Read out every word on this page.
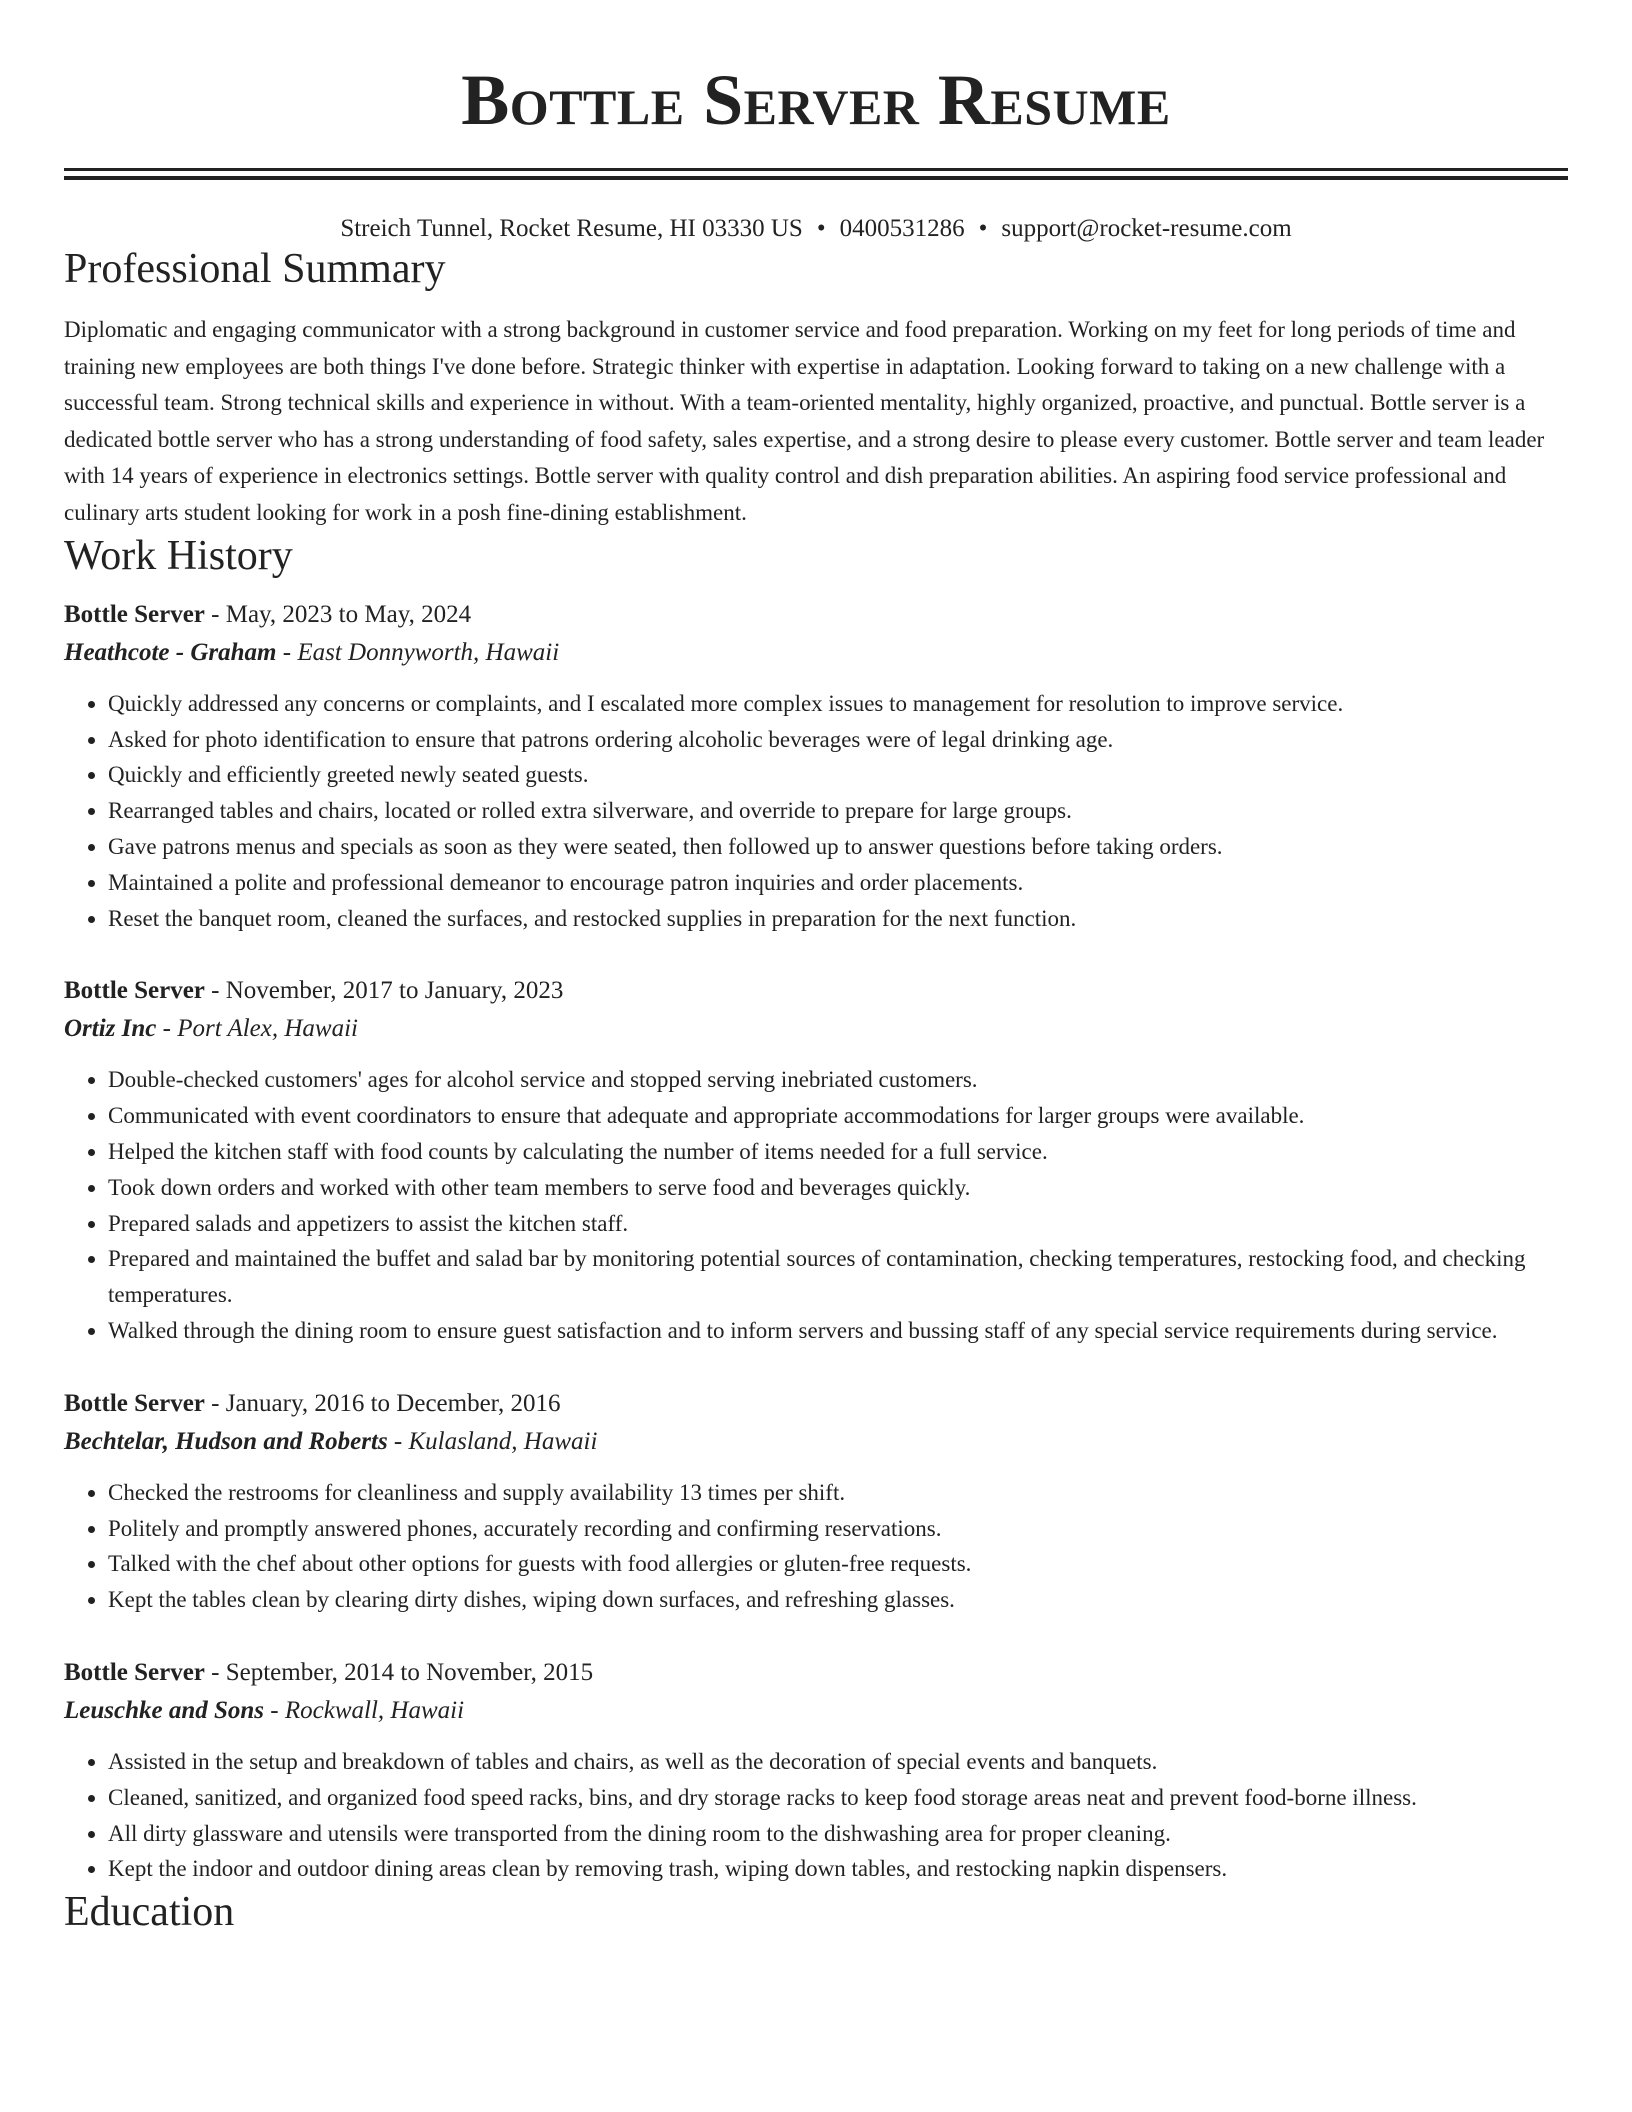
Bottle Server Resume
Streich Tunnel, Rocket Resume, HI 03330 US • 0400531286 • support@rocket-resume.com
Professional Summary

Diplomatic and engaging communicator with a strong background in customer service and food preparation. Working on my feet for long periods of time and training new employees are both things I've done before. Strategic thinker with expertise in adaptation. Looking forward to taking on a new challenge with a successful team. Strong technical skills and experience in without. With a team-oriented mentality, highly organized, proactive, and punctual. Bottle server is a dedicated bottle server who has a strong understanding of food safety, sales expertise, and a strong desire to please every customer. Bottle server and team leader with 14 years of experience in electronics settings. Bottle server with quality control and dish preparation abilities. An aspiring food service professional and culinary arts student looking for work in a posh fine-dining establishment.

Work History

Bottle Server - May, 2023 to May, 2024

Heathcote - Graham - East Donnyworth, Hawaii

• Quickly addressed any concerns or complaints, and I escalated more complex issues to management for resolution to improve service.
• Asked for photo identification to ensure that patrons ordering alcoholic beverages were of legal drinking age.
• Quickly and efficiently greeted newly seated guests.
• Rearranged tables and chairs, located or rolled extra silverware, and override to prepare for large groups.
• Gave patrons menus and specials as soon as they were seated, then followed up to answer questions before taking orders.
• Maintained a polite and professional demeanor to encourage patron inquiries and order placements.
• Reset the banquet room, cleaned the surfaces, and restocked supplies in preparation for the next function.

Bottle Server - November, 2017 to January, 2023

Ortiz Inc - Port Alex, Hawaii

• Double-checked customers' ages for alcohol service and stopped serving inebriated customers.
• Communicated with event coordinators to ensure that adequate and appropriate accommodations for larger groups were available.
• Helped the kitchen staff with food counts by calculating the number of items needed for a full service.
• Took down orders and worked with other team members to serve food and beverages quickly.
• Prepared salads and appetizers to assist the kitchen staff.
• Prepared and maintained the buffet and salad bar by monitoring potential sources of contamination, checking temperatures, restocking food, and checking temperatures.
• Walked through the dining room to ensure guest satisfaction and to inform servers and bussing staff of any special service requirements during service.

Bottle Server - January, 2016 to December, 2016

Bechtelar, Hudson and Roberts - Kulasland, Hawaii

• Checked the restrooms for cleanliness and supply availability 13 times per shift.
• Politely and promptly answered phones, accurately recording and confirming reservations.
• Talked with the chef about other options for guests with food allergies or gluten-free requests.
• Kept the tables clean by clearing dirty dishes, wiping down surfaces, and refreshing glasses.

Bottle Server - September, 2014 to November, 2015

Leuschke and Sons - Rockwall, Hawaii

• Assisted in the setup and breakdown of tables and chairs, as well as the decoration of special events and banquets.
• Cleaned, sanitized, and organized food speed racks, bins, and dry storage racks to keep food storage areas neat and prevent food-borne illness.
• All dirty glassware and utensils were transported from the dining room to the dishwashing area for proper cleaning.
• Kept the indoor and outdoor dining areas clean by removing trash, wiping down tables, and restocking napkin dispensers.
Education
